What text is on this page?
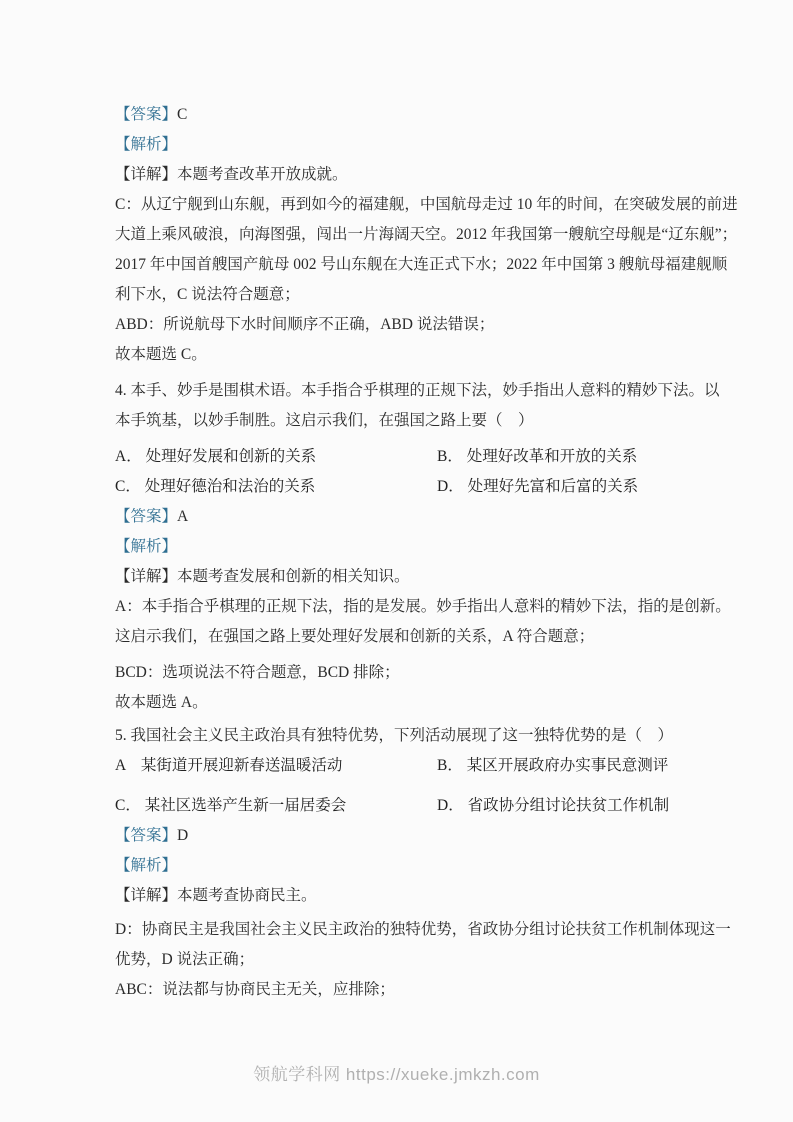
【答案】C

【解析】

【详解】本题考查改革开放成就。

C：从辽宁舰到山东舰，再到如今的福建舰，中国航母走过 10 年的时间，在突破发展的前进

大道上乘风破浪，向海图强，闯出一片海阔天空。2012 年我国第一艘航空母舰是“辽东舰”；

2017 年中国首艘国产航母 002 号山东舰在大连正式下水；2022 年中国第 3 艘航母福建舰顺

利下水，C 说法符合题意；

ABD：所说航母下水时间顺序不正确，ABD 说法错误；

故本题选 C。

4. 本手、妙手是围棋术语。本手指合乎棋理的正规下法，妙手指出人意料的精妙下法。以

本手筑基，以妙手制胜。这启示我们，在强国之路上要（　）

A． 处理好发展和创新的关系	B． 处理好改革和开放的关系
C． 处理好德治和法治的关系	D． 处理好先富和后富的关系

【答案】A

【解析】

【详解】本题考查发展和创新的相关知识。

A：本手指合乎棋理的正规下法，指的是发展。妙手指出人意料的精妙下法，指的是创新。

这启示我们，在强国之路上要处理好发展和创新的关系，A 符合题意；

BCD：选项说法不符合题意，BCD 排除；

故本题选 A。

5. 我国社会主义民主政治具有独特优势，下列活动展现了这一独特优势的是（　）

A　某街道开展迎新春送温暖活动	B． 某区开展政府办实事民意测评
C． 某社区选举产生新一届居委会	D． 省政协分组讨论扶贫工作机制

【答案】D

【解析】

【详解】本题考查协商民主。

D：协商民主是我国社会主义民主政治的独特优势，省政协分组讨论扶贫工作机制体现这一

优势，D 说法正确；

ABC：说法都与协商民主无关，应排除；

领航学科网 https://xueke.jmkzh.com
